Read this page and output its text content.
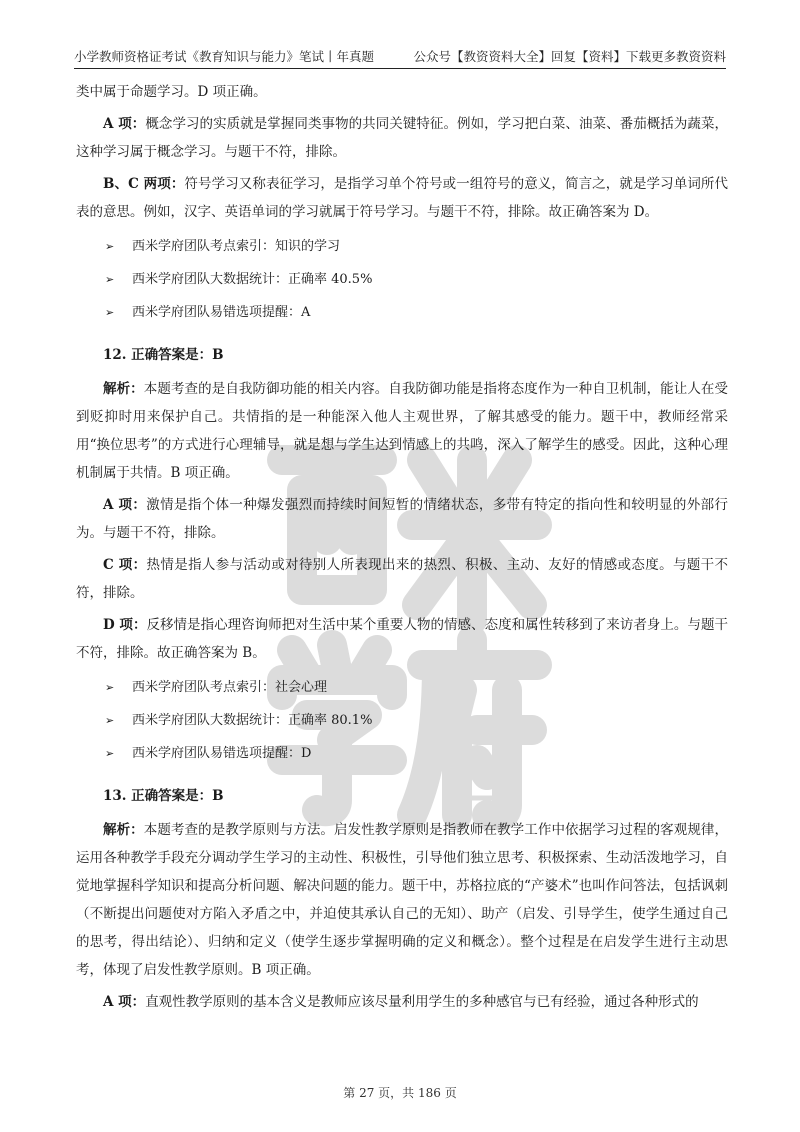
小学教师资格证考试《教育知识与能力》笔试丨年真题	公众号【教资资料大全】回复【资料】下载更多教资资料

类中属于命题学习。D 项正确。

A 项：概念学习的实质就是掌握同类事物的共同关键特征。例如，学习把白菜、油菜、番茄概括为蔬菜，这种学习属于概念学习。与题干不符，排除。

B、C 两项：符号学习又称表征学习，是指学习单个符号或一组符号的意义，简言之，就是学习单词所代表的意思。例如，汉字、英语单词的学习就属于符号学习。与题干不符，排除。故正确答案为 D。

➢ 西米学府团队考点索引：知识的学习
➢ 西米学府团队大数据统计：正确率 40.5%
➢ 西米学府团队易错选项提醒：A
12. 正确答案是：B

解析：本题考查的是自我防御功能的相关内容。自我防御功能是指将态度作为一种自卫机制，能让人在受到贬抑时用来保护自己。共情指的是一种能深入他人主观世界，了解其感受的能力。题干中，教师经常采用“换位思考”的方式进行心理辅导，就是想与学生达到情感上的共鸣，深入了解学生的感受。因此，这种心理机制属于共情。B 项正确。

A 项：激情是指个体一种爆发强烈而持续时间短暂的情绪状态，多带有特定的指向性和较明显的外部行为。与题干不符，排除。

C 项：热情是指人参与活动或对待别人所表现出来的热烈、积极、主动、友好的情感或态度。与题干不符，排除。

D 项：反移情是指心理咨询师把对生活中某个重要人物的情感、态度和属性转移到了来访者身上。与题干不符，排除。故正确答案为 B。

➢ 西米学府团队考点索引：社会心理
➢ 西米学府团队大数据统计：正确率 80.1%
➢ 西米学府团队易错选项提醒：D
13. 正确答案是：B

解析：本题考查的是教学原则与方法。启发性教学原则是指教师在教学工作中依据学习过程的客观规律，运用各种教学手段充分调动学生学习的主动性、积极性，引导他们独立思考、积极探索、生动活泼地学习，自觉地掌握科学知识和提高分析问题、解决问题的能力。题干中，苏格拉底的“产婆术”也叫作问答法，包括讽刺（不断提出问题使对方陷入矛盾之中，并迫使其承认自己的无知）、助产（启发、引导学生，使学生通过自己的思考，得出结论）、归纳和定义（使学生逐步掌握明确的定义和概念）。整个过程是在启发学生进行主动思考，体现了启发性教学原则。B 项正确。

A 项：直观性教学原则的基本含义是教师应该尽量利用学生的多种感官与已有经验，通过各种形式的

第 27 页，共 186 页
